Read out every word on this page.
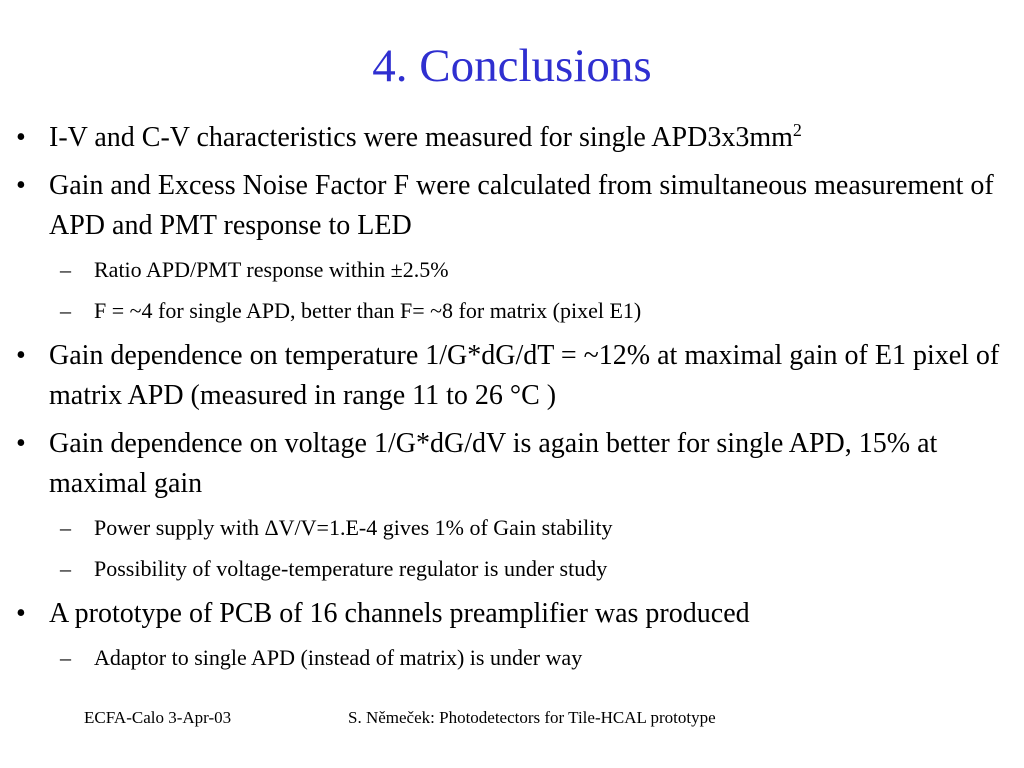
4. Conclusions
• I-V and C-V characteristics were measured for single $APD3x3mm^2$
• Gain and Excess Noise Factor F were calculated from simultaneous measurement of APD and PMT response to LED
– Ratio APD/PMT response within ±2.5%
– F = ~4 for single APD, better than F= ~8 for matrix (pixel E1)
• Gain dependence on temperature 1/G*dG/dT = ~12% at maximal gain of E1 pixel of matrix APD (measured in range 11 to 26 °C )
• Gain dependence on voltage 1/G*dG/dV is again better for single APD, 15% at maximal gain
– Power supply with ΔV/V=1.E-4 gives 1% of Gain stability
– Possibility of voltage-temperature regulator is under study
• A prototype of PCB of 16 channels preamplifier was produced
– Adaptor to single APD (instead of matrix) is under way
ECFA-Calo 3-Apr-03	S. Němeček: Photodetectors for Tile-HCAL prototype
